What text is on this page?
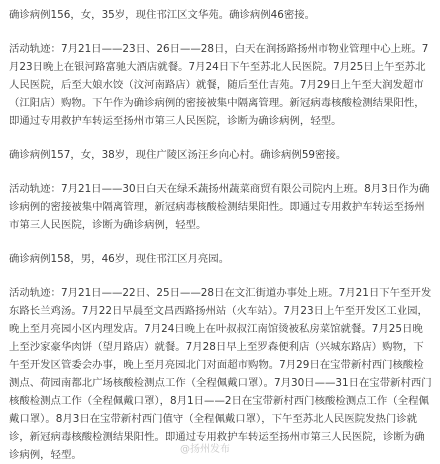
确诊病例156，女，35岁，现住邗江区文华苑。确诊病例46密接。

活动轨迹：7月21日——23日、26日——28日，白天在润扬路扬州市物业管理中心上班。7月23日晚上在银河路富驰大酒店就餐。7月24日下午至苏北人民医院。7月25日上午至苏北人民医院，后至大娘水饺（汶河南路店）就餐，随后至仕吉苑。7月29日上午至大润发超市（江阳店）购物。下午作为确诊病例的密接被集中隔离管理。新冠病毒核酸检测结果阳性，即通过专用救护车转运至扬州市第三人民医院，诊断为确诊病例，轻型。

确诊病例157，女，38岁，现住广陵区汤汪乡向心村。确诊病例59密接。

活动轨迹：7月21日——30日白天在绿禾蔬扬州蔬菜商贸有限公司院内上班。8月3日作为确诊病例的密接被集中隔离管理，新冠病毒核酸检测结果阳性。即通过专用救护车转运至扬州市第三人民医院，诊断为确诊病例，轻型。

确诊病例158，男，46岁，现住邗江区月亮园。

活动轨迹：7月21日——22日、25日——28日在文汇街道办事处上班。7月21日下午至开发东路长兰鸡汤。7月22日早晨至文昌西路扬州站（火车站）。7月23日上午至开发区工业园，晚上至月亮园小区内理发店。7月24日晚上在叶叔叔江南馆烫被私房菜馆就餐。7月25日晚上至沙家豪华肉饼（望月路店）就餐。7月28日早上至罗森便利店（兴城东路店）购物，下午至开发区管委会办事，晚上至月亮园北门对面超市购物。7月29日在宝带新村西门核酸检测点、荷园南都北广场核酸检测点工作（全程佩戴口罩）。7月30日——31日在宝带新村西门核酸检测点工作（全程佩戴口罩），8月1日——2日在宝带新村西门核酸检测点工作（全程佩戴口罩）。8月3日在宝带新村西门值守（全程佩戴口罩），下午至苏北人民医院发热门诊就诊，新冠病毒核酸检测结果阳性。即通过专用救护车转运至扬州市第三人民医院，诊断为确诊病例，轻型。	@扬州发布
